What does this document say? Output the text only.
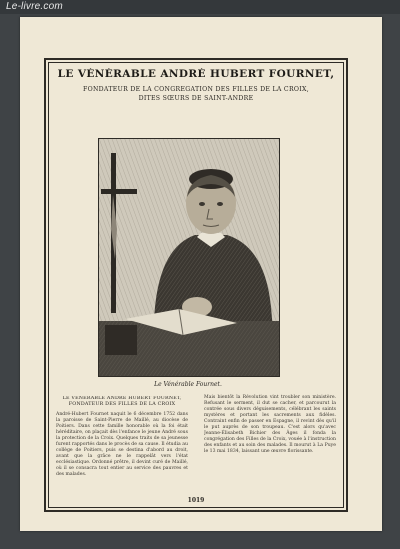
Le-livre.com
LE VÉNÉRABLE ANDRÉ HUBERT FOURNET,
FONDATEUR DE LA CONGRÉGATION DES FILLES DE LA CROIX,
DITES SŒURS DE SAINT-ANDRÉ
Le Vénérable Fournet.
LE VÉNÉRABLE ANDRÉ HUBERT FOURNET,
FONDATEUR DES FILLES DE LA CROIX
André-Hubert Fournet naquit le 6 décembre 1752 dans la paroisse de Saint-Pierre de Maillé, au diocèse de Poitiers. Dans cette famille honorable où la foi était héréditaire, on plaçait dès l'enfance le jeune André sous la protection de la Croix. Quelques traits de sa jeunesse furent rapportés dans le procès de sa cause. Il étudia au collège de Poitiers, puis se destina d'abord au droit, avant que la grâce ne le rappelât vers l'état ecclésiastique. Ordonné prêtre, il devint curé de Maillé, où il se consacra tout entier au service des pauvres et des malades.
Mais bientôt la Révolution vint troubler son ministère. Refusant le serment, il dut se cacher, et parcourut la contrée sous divers déguisements, célébrant les saints mystères et portant les sacrements aux fidèles. Contraint enfin de passer en Espagne, il revint dès qu'il le put auprès de son troupeau. C'est alors qu'avec Jeanne-Élisabeth Bichier des Âges il fonda la congrégation des Filles de la Croix, vouée à l'instruction des enfants et au soin des malades. Il mourut à La Puye le 13 mai 1834, laissant une œuvre florissante.
1019
